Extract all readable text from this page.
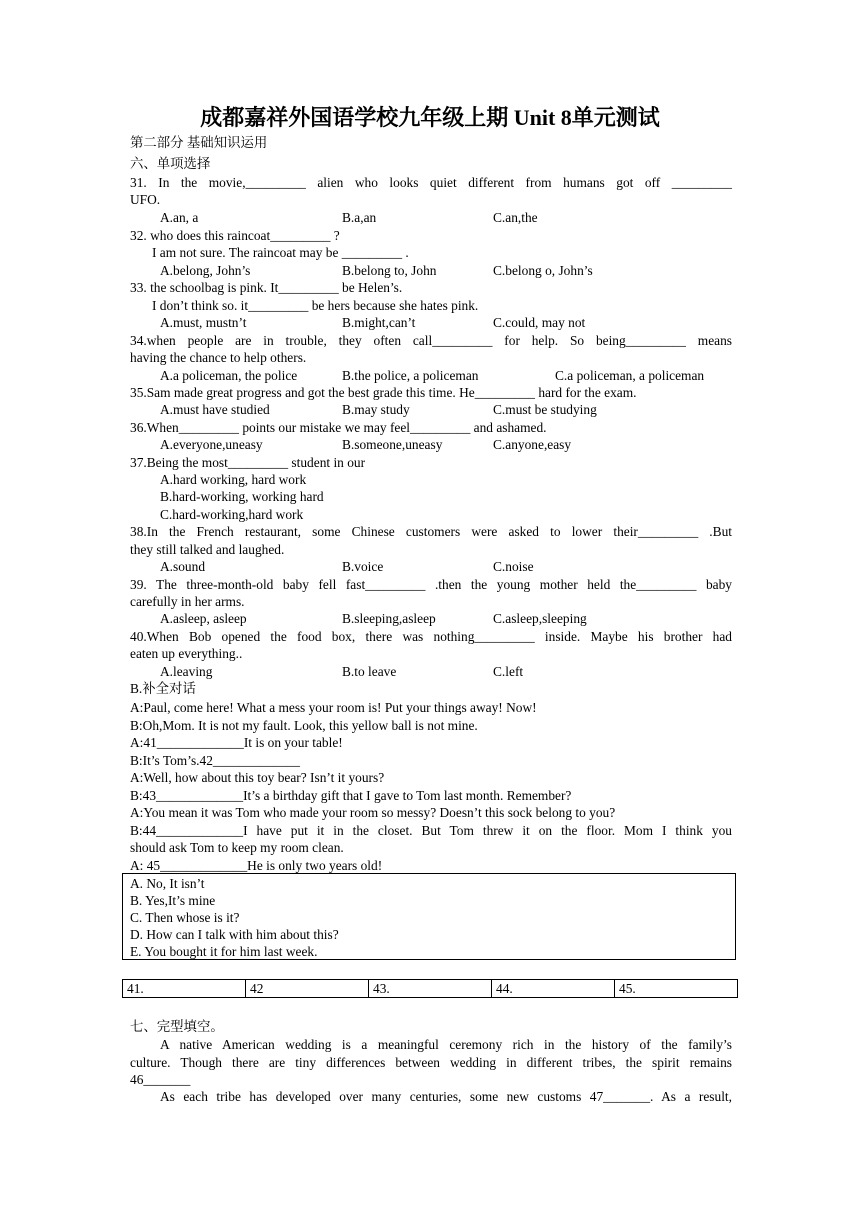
成都嘉祥外国语学校九年级上期 Unit 8单元测试
第二部分 基础知识运用
六、单项选择
31. In the movie,_________ alien who looks quiet different from humans got off _________
UFO.
A.an, a	B.a,an	C.an,the
32. who does this raincoat_________ ?
I am not sure. The raincoat may be _________ .
A.belong, John’s	B.belong to, John	C.belong o, John’s
33. the schoolbag is pink. It_________ be Helen’s.
I don’t think so. it_________ be hers because she hates pink.
A.must, mustn’t	B.might,can’t	C.could, may not
34.when people are in trouble, they often call_________ for help. So being_________ means
having the chance to help others.
A.a policeman, the police	B.the police, a policeman	C.a policeman, a policeman
35.Sam made great progress and got the best grade this time. He_________ hard for the exam.
A.must have studied	B.may study	C.must be studying
36.When_________ points our mistake we may feel_________ and ashamed.
A.everyone,uneasy	B.someone,uneasy	C.anyone,easy
37.Being the most_________ student in our
A.hard working, hard work
B.hard-working, working hard
C.hard-working,hard work
38.In the French restaurant, some Chinese customers were asked to lower their_________ .But
they still talked and laughed.
A.sound	B.voice	C.noise
39. The three-month-old baby fell fast_________ .then the young mother held the_________ baby
carefully in her arms.
A.asleep, asleep	B.sleeping,asleep	C.asleep,sleeping
40.When Bob opened the food box, there was nothing_________ inside. Maybe his brother had
eaten up everything..
A.leaving	B.to leave	C.left
B.补全对话
A:Paul, come here! What a mess your room is! Put your things away! Now!
B:Oh,Mom. It is not my fault. Look, this yellow ball is not mine.
A:41_____________It is on your table!
B:It’s Tom’s.42_____________
A:Well, how about this toy bear? Isn’t it yours?
B:43_____________It’s a birthday gift that I gave to Tom last month. Remember?
A:You mean it was Tom who made your room so messy? Doesn’t this sock belong to you?
B:44_____________I have put it in the closet. But Tom threw it on the floor. Mom I think you
should ask Tom to keep my room clean.
A: 45_____________He is only two years old!
A. No, It isn’t
B. Yes,It’s mine
C. Then whose is it?
D. How can I talk with him about this?
E. You bought it for him last week.
41.	42	43.	44.	45.
七、完型填空。
A native American wedding is a meaningful ceremony rich in the history of the family’s
culture. Though there are tiny differences between wedding in different tribes, the spirit remains
46_______
As each tribe has developed over many centuries, some new customs 47_______. As a result,
